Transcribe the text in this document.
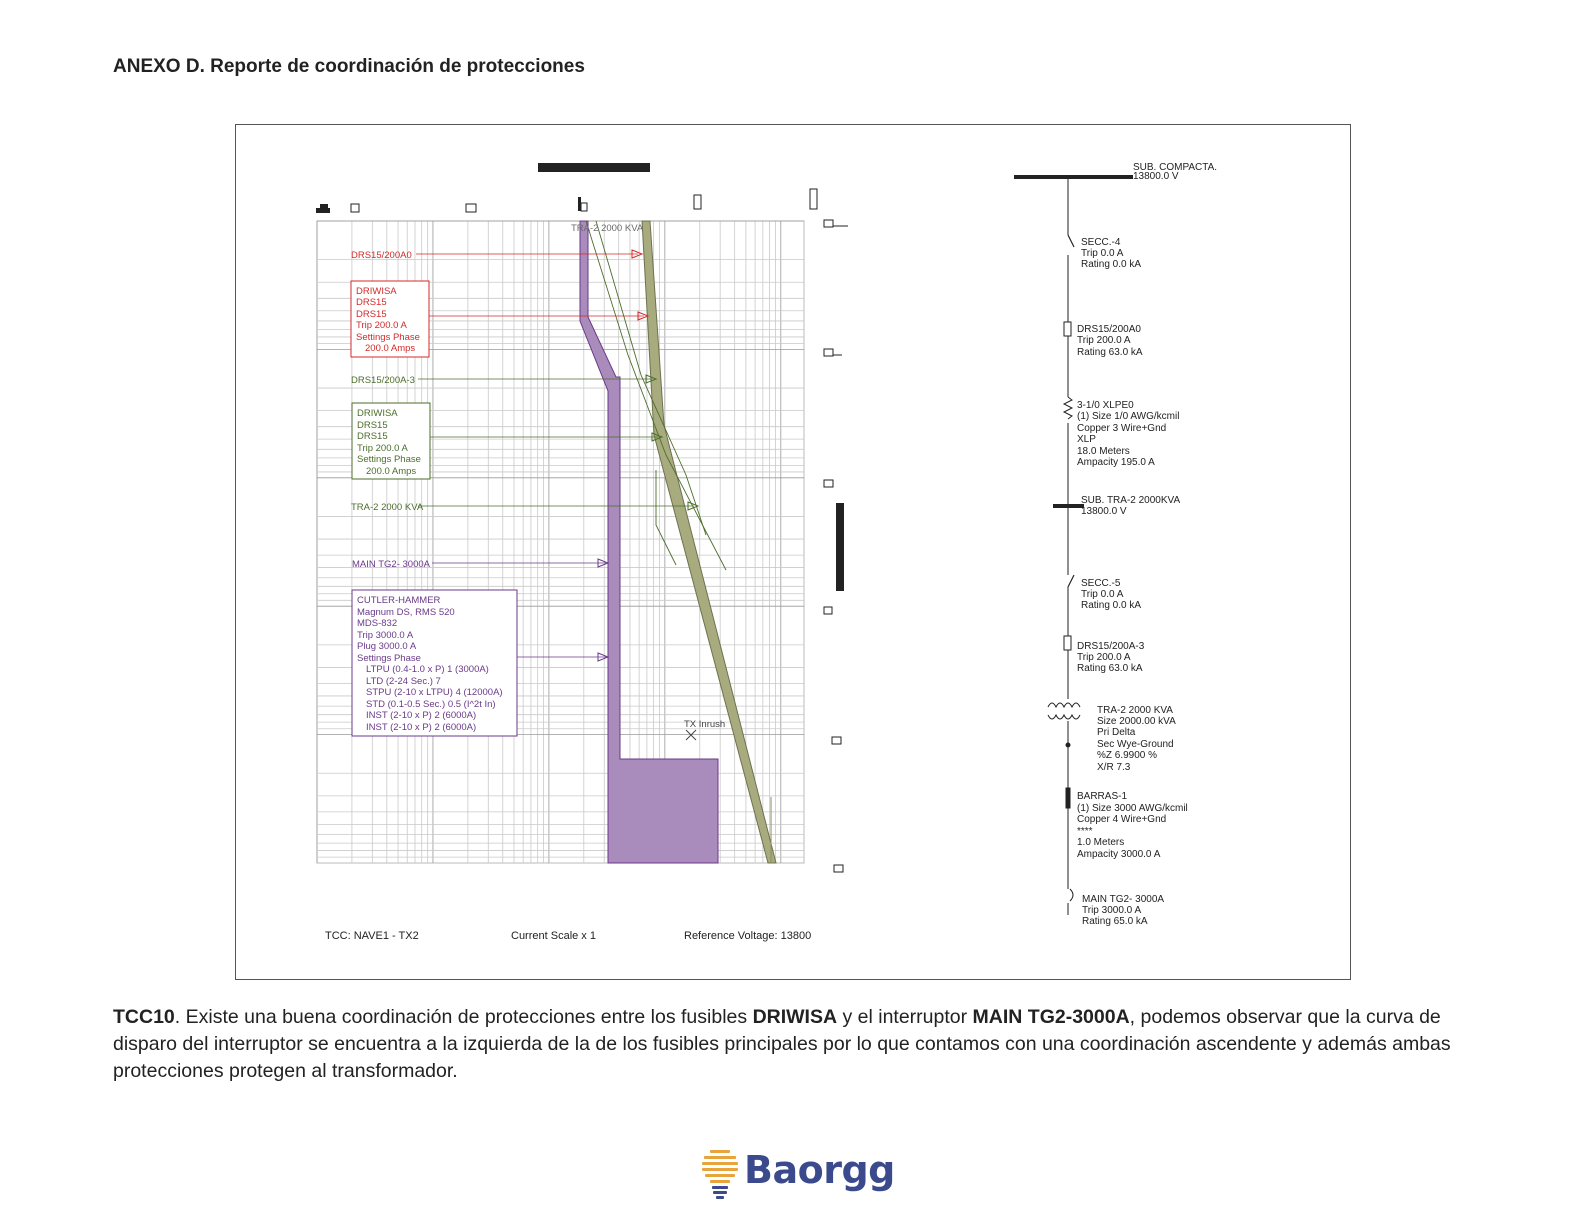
ANEXO D. Reporte de coordinación de protecciones
TRA-2 2000 KVA
DRS15/200A0
DRS15/200A-3
TRA-2 2000 KVA
MAIN TG2- 3000A
TX Inrush
DRIWISA
DRS15
DRS15
Trip 200.0 A
Settings Phase
200.0 Amps
DRIWISA
DRS15
DRS15
Trip 200.0 A
Settings Phase
200.0 Amps
CUTLER-HAMMER
Magnum DS, RMS 520
MDS-832
Trip 3000.0 A
Plug 3000.0 A
Settings Phase
LTPU (0.4-1.0 x P) 1 (3000A)
LTD (2-24 Sec.) 7
STPU (2-10 x LTPU) 4 (12000A)
STD (0.1-0.5 Sec.) 0.5 (I^2t In)
INST (2-10 x P) 2 (6000A)
INST (2-10 x P) 2 (6000A)
TCC: NAVE1 - TX2	Current Scale x 1	Reference Voltage: 13800
SUB. COMPACTA.
13800.0 V
SECC.-4
Trip 0.0 A
Rating 0.0 kA
DRS15/200A0
Trip 200.0 A
Rating 63.0 kA
3-1/0 XLPE0
(1) Size 1/0 AWG/kcmil
Copper 3 Wire+Gnd
XLP
18.0 Meters
Ampacity 195.0 A
SUB. TRA-2 2000KVA
13800.0 V
SECC.-5
Trip 0.0 A
Rating 0.0 kA
DRS15/200A-3
Trip 200.0 A
Rating 63.0 kA
TRA-2 2000 KVA
Size 2000.00 kVA
Pri Delta
Sec Wye-Ground
%Z 6.9900 %
X/R 7.3
BARRAS-1
(1) Size 3000 AWG/kcmil
Copper 4 Wire+Gnd
****
1.0 Meters
Ampacity 3000.0 A
MAIN TG2- 3000A
Trip 3000.0 A
Rating 65.0 kA
TCC10. Existe una buena coordinación de protecciones entre los fusibles DRIWISA y el interruptor MAIN TG2-3000A, podemos observar que la curva de disparo del interruptor se encuentra a la izquierda de la de los fusibles principales por lo que contamos con una coordinación ascendente y además ambas protecciones protegen al transformador.
Baorgg
